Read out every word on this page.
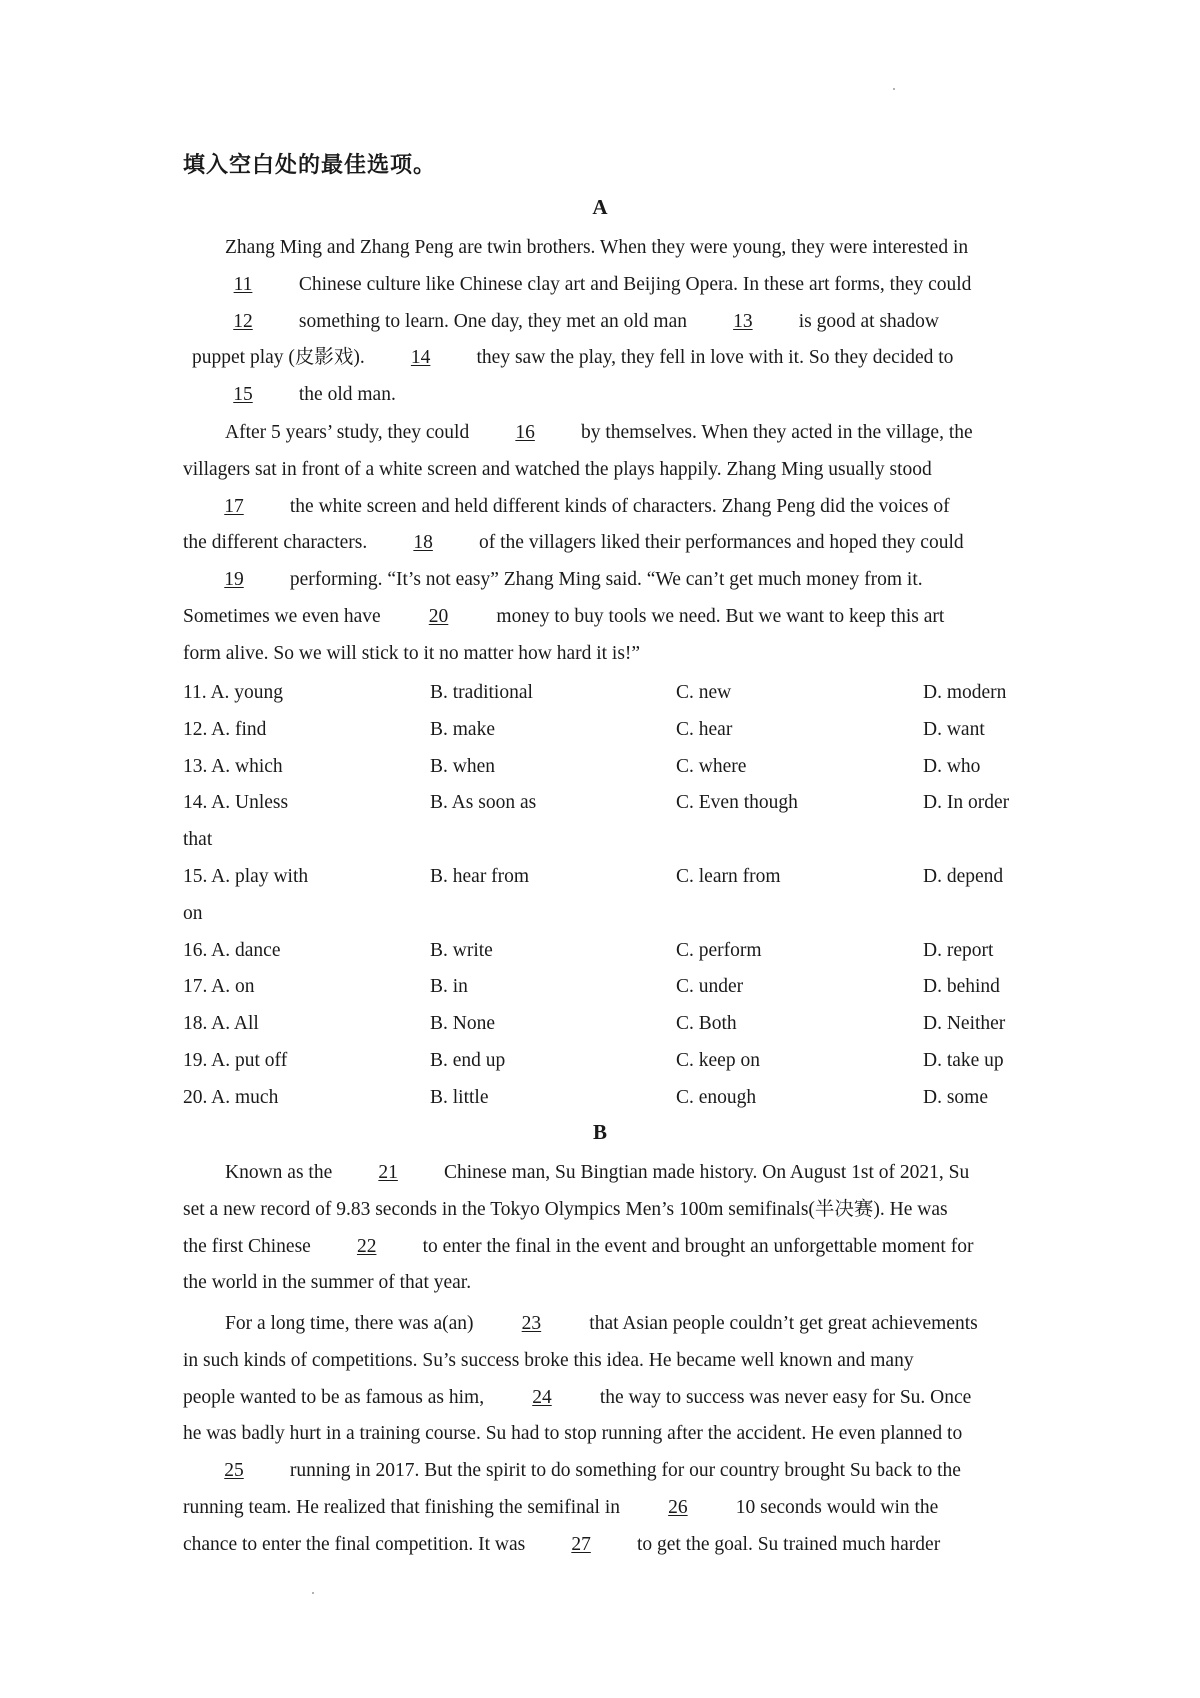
填入空白处的最佳选项。
A

Zhang Ming and Zhang Peng are twin brothers. When they were young, they were interested in

11 Chinese culture like Chinese clay art and Beijing Opera. In these art forms, they could

12 something to learn. One day, they met an old man 13 is good at shadow

puppet play (皮影戏). 14 they saw the play, they fell in love with it. So they decided to

15 the old man.

After 5 years’ study, they could 16 by themselves. When they acted in the village, the

villagers sat in front of a white screen and watched the plays happily. Zhang Ming usually stood

17 the white screen and held different kinds of characters. Zhang Peng did the voices of

the different characters. 18 of the villagers liked their performances and hoped they could

19 performing. “It’s not easy” Zhang Ming said. “We can’t get much money from it.

Sometimes we even have 20 money to buy tools we need. But we want to keep this art

form alive. So we will stick to it no matter how hard it is!”

11. A. young	B. traditional	C. new	D. modern
12. A. find	B. make	C. hear	D. want
13. A. which	B. when	C. where	D. who
14. A. Unless	B. As soon as	C. Even though	D. In order
that
15. A. play with	B. hear from	C. learn from	D. depend
on
16. A. dance	B. write	C. perform	D. report
17. A. on	B. in	C. under	D. behind
18. A. All	B. None	C. Both	D. Neither
19. A. put off	B. end up	C. keep on	D. take up
20. A. much	B. little	C. enough	D. some
B

Known as the 21 Chinese man, Su Bingtian made history. On August 1st of 2021, Su

set a new record of 9.83 seconds in the Tokyo Olympics Men’s 100m semifinals(半决赛). He was

the first Chinese 22 to enter the final in the event and brought an unforgettable moment for

the world in the summer of that year.

For a long time, there was a(an) 23 that Asian people couldn’t get great achievements

in such kinds of competitions. Su’s success broke this idea. He became well known and many

people wanted to be as famous as him, 24 the way to success was never easy for Su. Once

he was badly hurt in a training course. Su had to stop running after the accident. He even planned to

25 running in 2017. But the spirit to do something for our country brought Su back to the

running team. He realized that finishing the semifinal in 26 10 seconds would win the

chance to enter the final competition. It was 27 to get the goal. Su trained much harder
